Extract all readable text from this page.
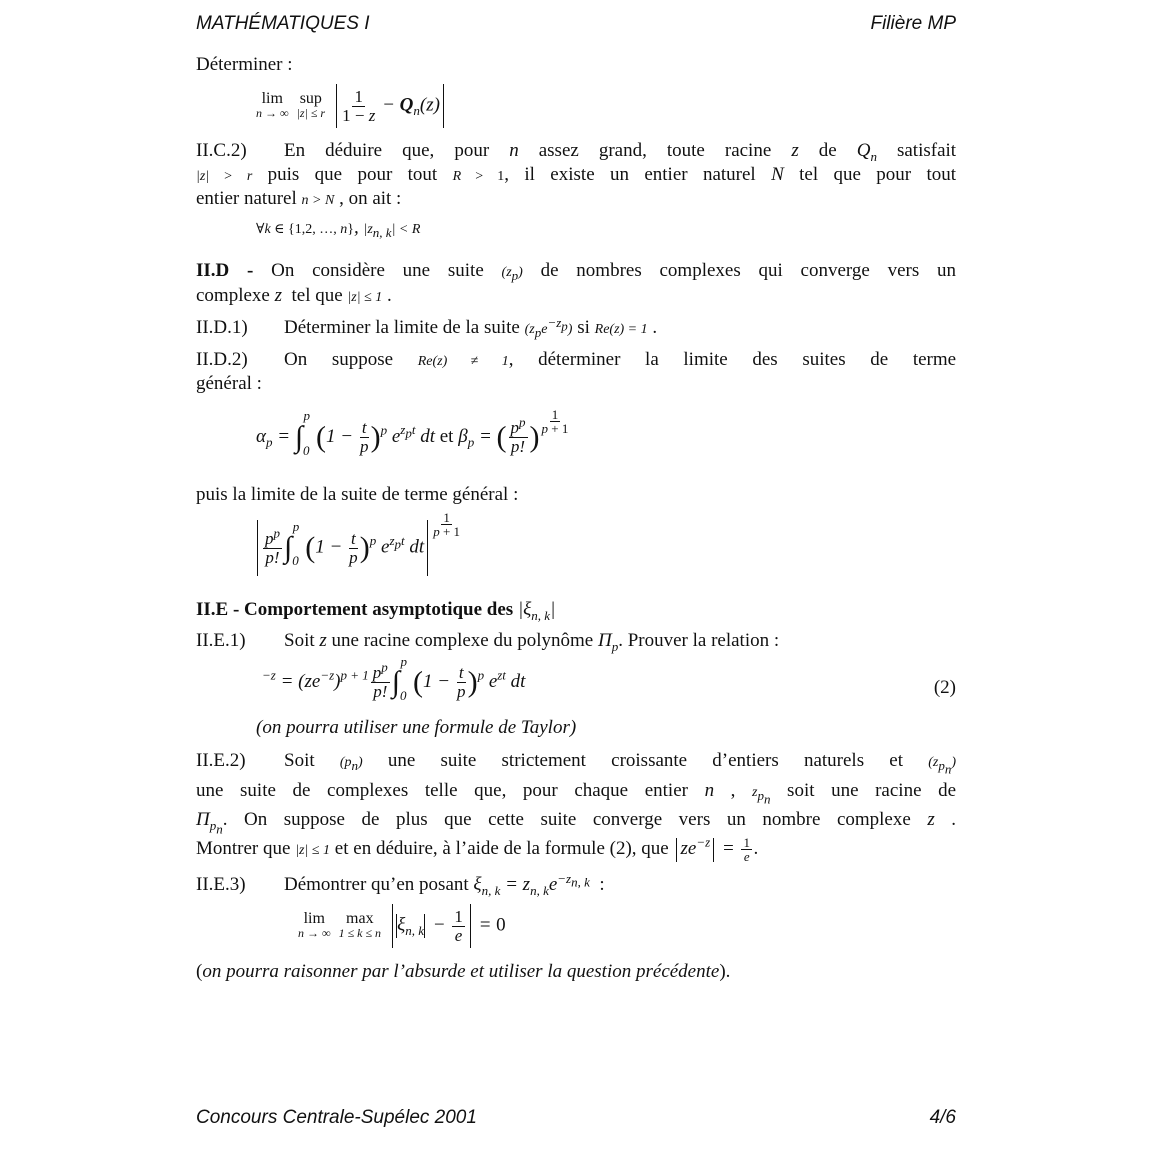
MATHÉMATIQUES I	Filière MP
Déterminer :
lim
n → ∞
sup
|z| ≤ r $\frac{1}{1 - z} - Q_n(z)$
II.C.2) En déduire que, pour n assez grand, toute racine z de $Q_n$ satisfait
|z| > r puis que pour tout R > 1, il existe un entier naturel N tel que pour tout
entier naturel n > N , on ait :
∀k ∈ {1,2, …, n}, $|z_{n, k}| < R$
II.D - On considère une suite $(z_p)$ de nombres complexes qui converge vers un
complexe z tel que |z| ≤ 1 .
II.D.1) Déterminer la limite de la suite $(z_pe^{-z_p})$ si Re(z) = 1 .
II.D.2) On suppose Re(z) ≠ 1, déterminer la limite des suites de terme
général :
$\alpha_p = \int_0^p(1 - \frac{t}{p} )^p$ $e^{z_pt}$ dt et $\beta_p$ = ( $\frac{p^p}{p!}$ ) $^{\frac{1}{p + 1}}$
puis la limite de la suite de terme général :
$\frac{p^p}{p!} \int_0^p(1 - \frac{t}{p} )^p$ $e^{z_pt}$ dt
$^{\frac{1}{p + 1}}$
II.E - Comportement asymptotique des $|\xi_{n, k}|$
II.E.1) Soit z une racine complexe du polynôme $\Pi_p$. Prouver la relation :
$^{-z} = (ze^{-z})^{p + 1} \frac{p^p}{p!} \int_0^p(1 - \frac{t}{p} )^p$ $e^{zt}$ dt	(2)
(on pourra utiliser une formule de Taylor)
II.E.2) Soit $(p_n)$ une suite strictement croissante d’entiers naturels et $(z_{p_n})$
une suite de complexes telle que, pour chaque entier n , $z_{p_n}$ soit une racine de
$\Pi_{p_n}$. On suppose de plus que cette suite converge vers un nombre complexe z .
Montrer que |z| ≤ 1 et en déduire, à l’aide de la formule (2), que $ze^{-z} = \frac{1}{e}$ .
II.E.3) Démontrer qu’en posant $\xi_{n, k} = z_{n, k}e^{-z_{n, k}}$  :
lim
n → ∞
max
1 ≤ k ≤ n $\xi_{n, k} - \frac{1}{e} = 0$
(on pourra raisonner par l’absurde et utiliser la question précédente).
Concours Centrale-Supélec 2001	4/6
